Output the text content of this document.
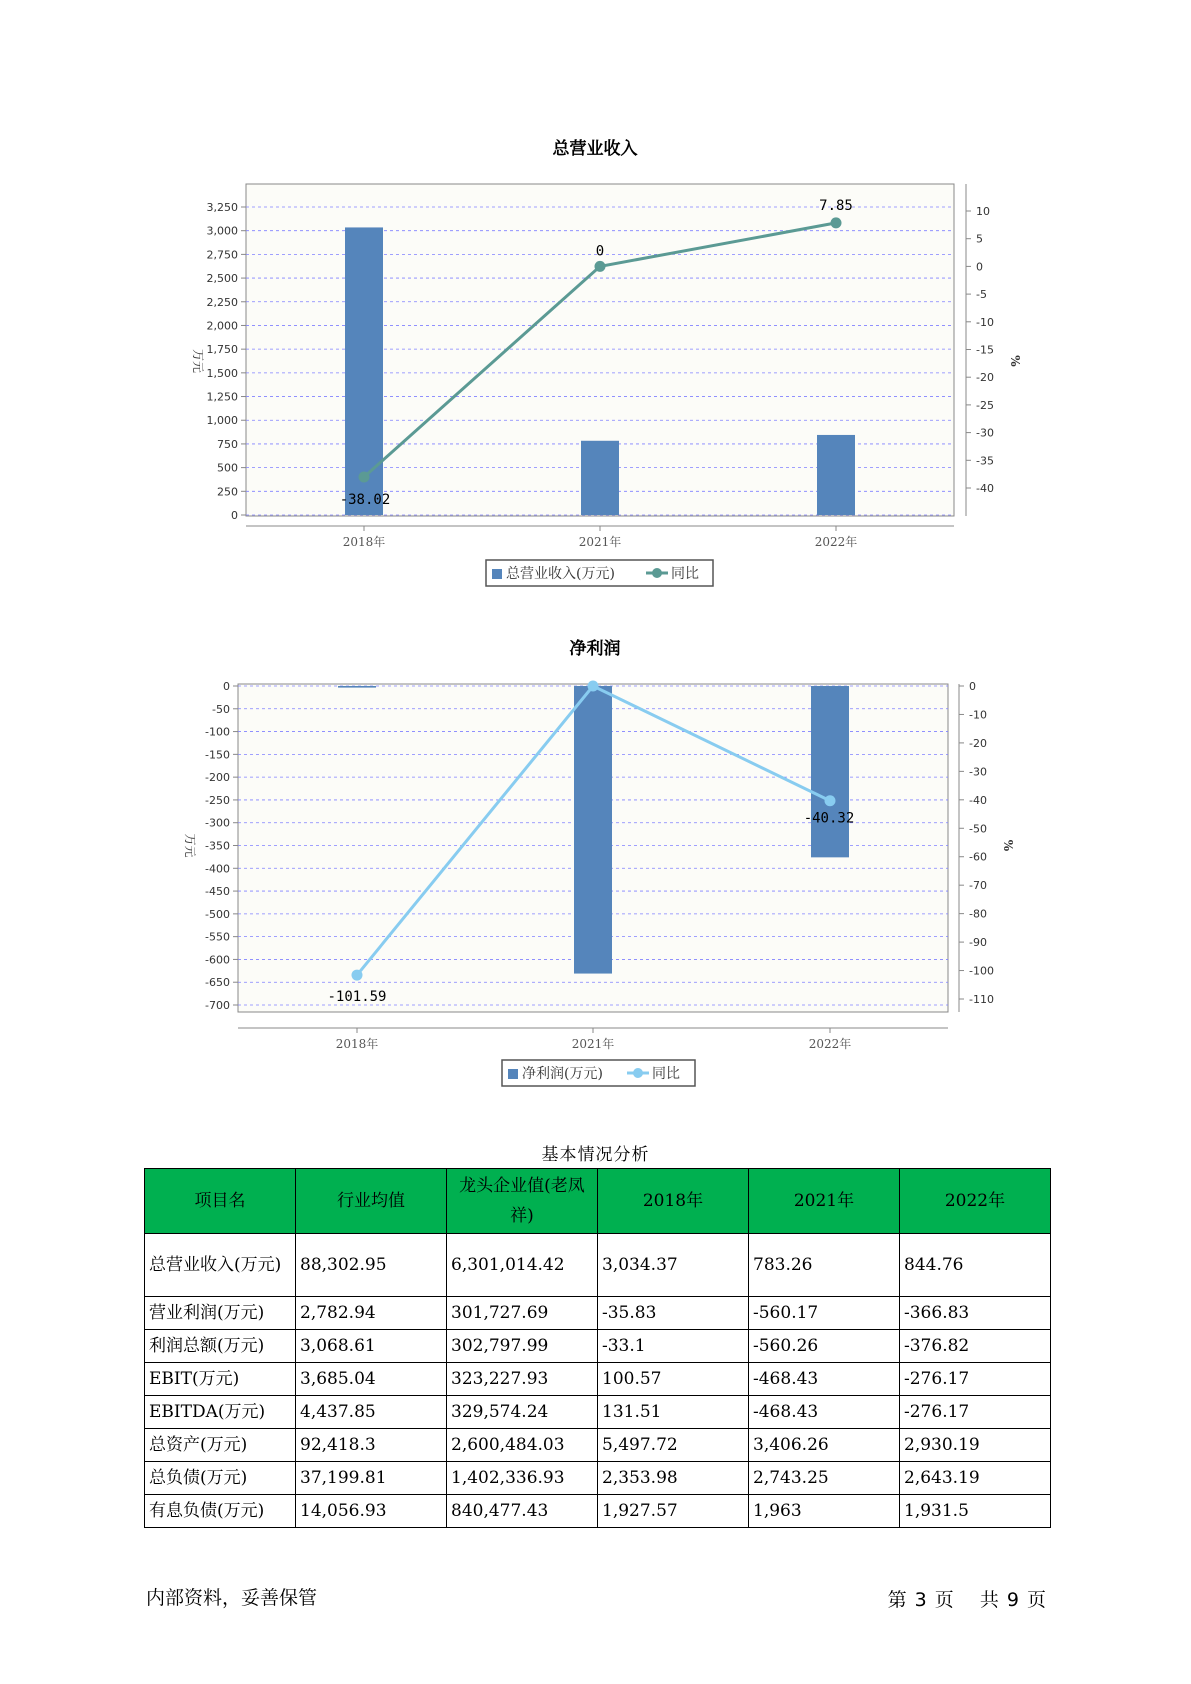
总营业收入
0
250
500
750
1,000
1,250
1,500
1,750
2,000
2,250
2,500
2,750
3,000
3,250
万元
-40
-35
-30
-25
-20
-15
-10
-5
0
5
10
%
2018年	2021年	2022年
-38.02
0
7.85
总营业收入(万元)	同比
净利润
0
-50
-100
-150
-200
-250
-300
-350
-400
-450
-500
-550
-600
-650
-700
万元
0
-10
-20
-30
-40
-50
-60
-70
-80
-90
-100
-110
%
2018年	2021年	2022年
-101.59
-40.32
净利润(万元)	同比
基本情况分析
项目名	行业均值	龙头企业值(老凤祥)	2018年	2021年	2022年
总营业收入(万元)	88,302.95	6,301,014.42	3,034.37	783.26	844.76
营业利润(万元)	2,782.94	301,727.69	-35.83	-560.17	-366.83
利润总额(万元)	3,068.61	302,797.99	-33.1	-560.26	-376.82
EBIT(万元)	3,685.04	323,227.93	100.57	-468.43	-276.17
EBITDA(万元)	4,437.85	329,574.24	131.51	-468.43	-276.17
总资产(万元)	92,418.3	2,600,484.03	5,497.72	3,406.26	2,930.19
总负债(万元)	37,199.81	1,402,336.93	2,353.98	2,743.25	2,643.19
有息负债(万元)	14,056.93	840,477.43	1,927.57	1,963	1,931.5
内部资料，妥善保管	第 3 页 共 9 页
